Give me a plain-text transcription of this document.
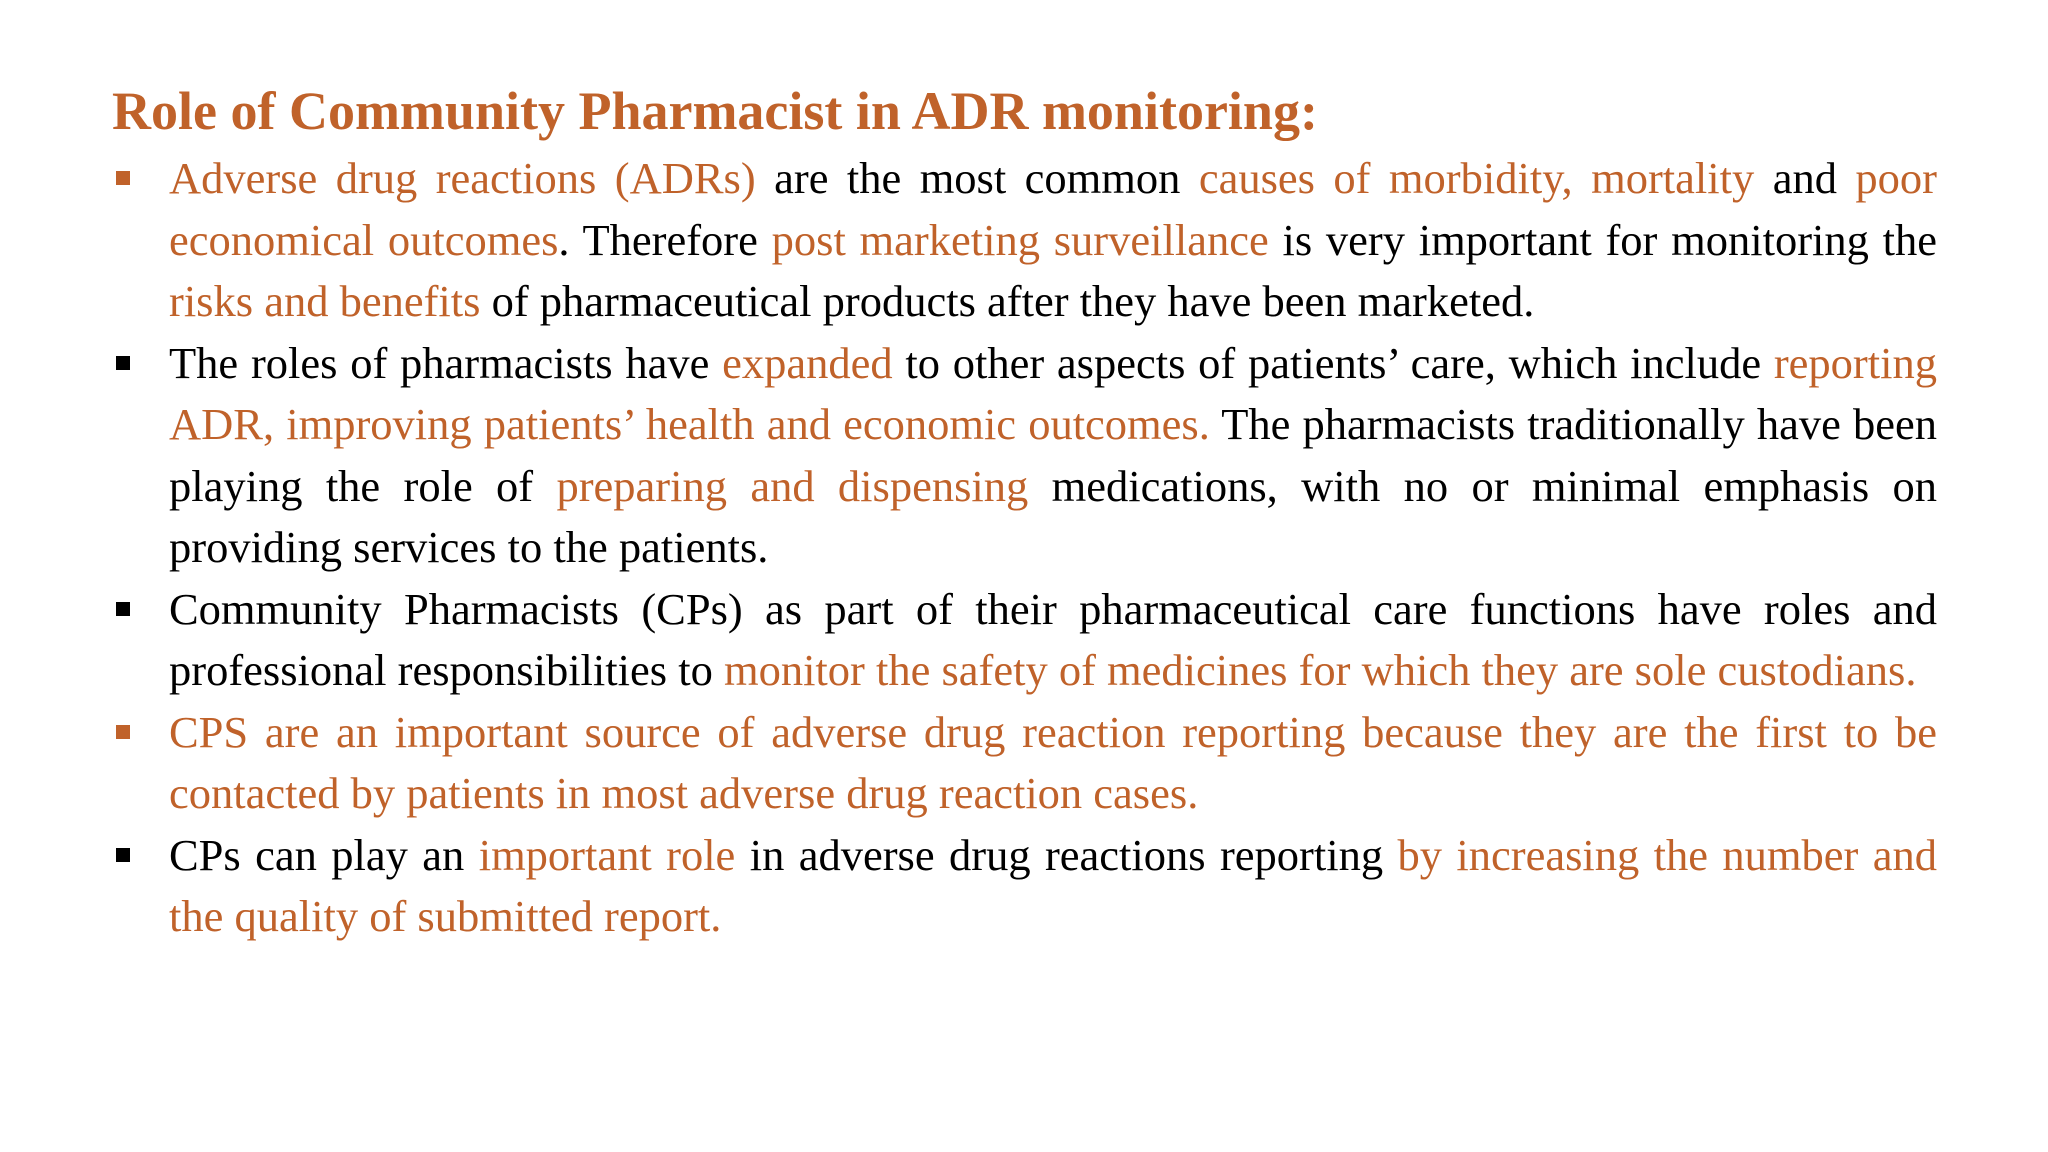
Role of Community Pharmacist in ADR monitoring:
Adverse drug reactions (ADRs) are the most common causes of morbidity, mortality and poor economical outcomes. Therefore post marketing surveillance is very important for monitoring the risks and benefits of pharmaceutical products after they have been marketed.
The roles of pharmacists have expanded to other aspects of patients’ care, which include reporting ADR, improving patients’ health and economic outcomes. The pharmacists traditionally have been playing the role of preparing and dispensing medications, with no or minimal emphasis on providing services to the patients.
Community Pharmacists (CPs) as part of their pharmaceutical care functions have roles and professional responsibilities to monitor the safety of medicines for which they are sole custodians.
CPS are an important source of adverse drug reaction reporting because they are the first to be contacted by patients in most adverse drug reaction cases.
CPs can play an important role in adverse drug reactions reporting by increasing the number and the quality of submitted report.
